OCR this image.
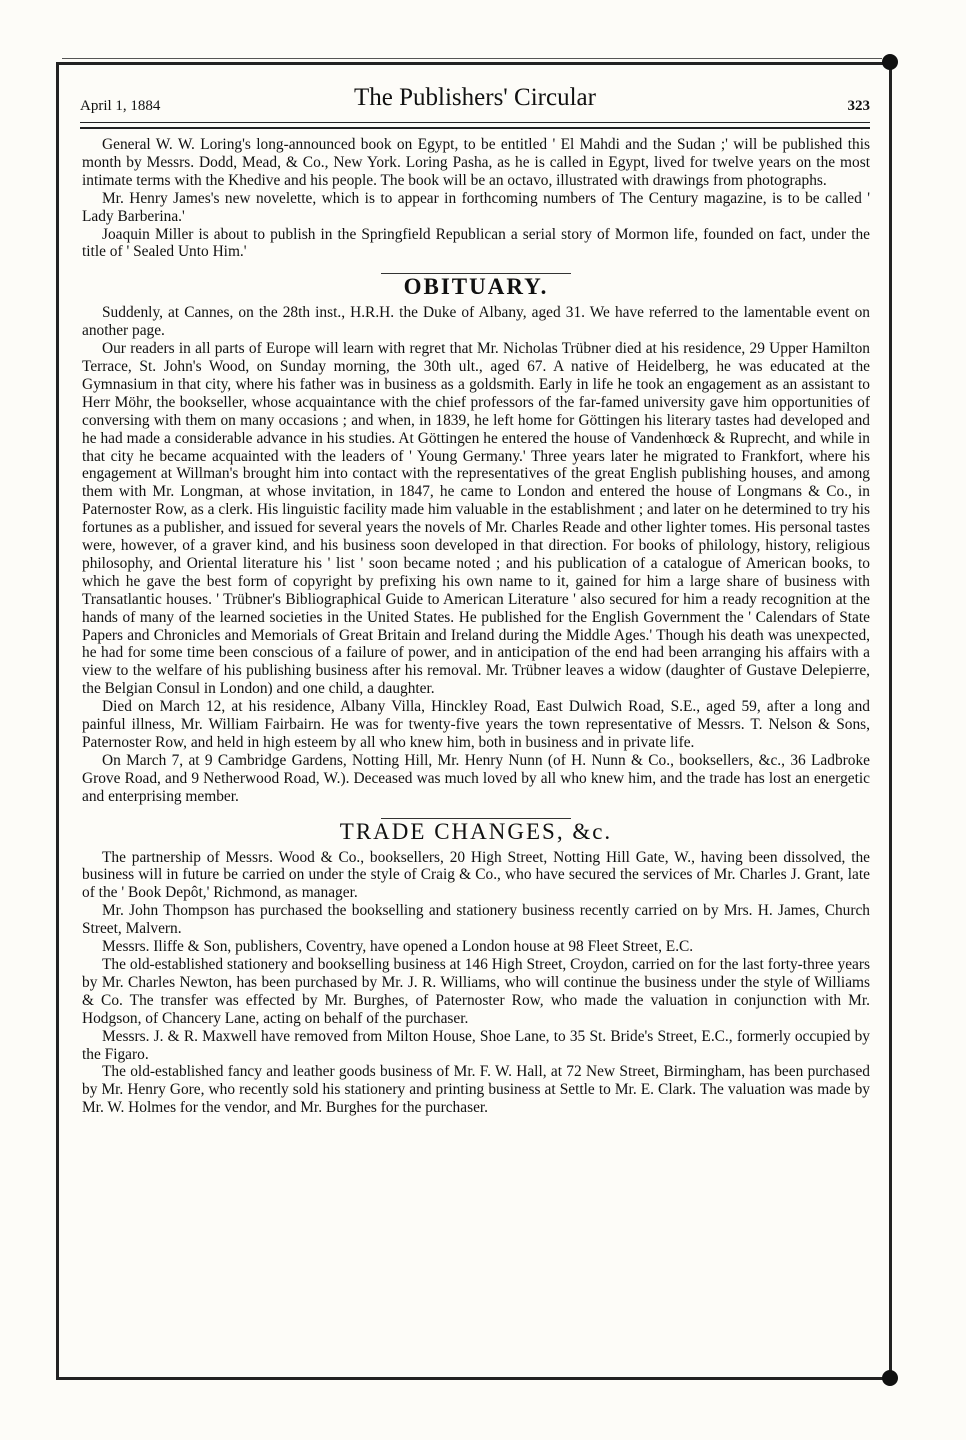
April 1, 1884	The Publishers' Circular	323

General W. W. Loring's long-announced book on Egypt, to be entitled ' El Mahdi and the Sudan ;' will be published this month by Messrs. Dodd, Mead, & Co., New York. Loring Pasha, as he is called in Egypt, lived for twelve years on the most intimate terms with the Khedive and his people. The book will be an octavo, illustrated with drawings from photographs.

Mr. Henry James's new novelette, which is to appear in forthcoming numbers of The Century magazine, is to be called ' Lady Barberina.'

Joaquin Miller is about to publish in the Springfield Republican a serial story of Mormon life, founded on fact, under the title of ' Sealed Unto Him.'

OBITUARY.

Suddenly, at Cannes, on the 28th inst., H.R.H. the Duke of Albany, aged 31. We have referred to the lamentable event on another page.

Our readers in all parts of Europe will learn with regret that Mr. Nicholas Trübner died at his residence, 29 Upper Hamilton Terrace, St. John's Wood, on Sunday morning, the 30th ult., aged 67. A native of Heidelberg, he was educated at the Gymnasium in that city, where his father was in business as a goldsmith. Early in life he took an engagement as an assistant to Herr Möhr, the bookseller, whose acquaintance with the chief professors of the far-famed university gave him opportunities of conversing with them on many occasions ; and when, in 1839, he left home for Göttingen his literary tastes had developed and he had made a considerable advance in his studies. At Göttingen he entered the house of Vandenhœck & Ruprecht, and while in that city he became acquainted with the leaders of ' Young Germany.' Three years later he migrated to Frankfort, where his engagement at Willman's brought him into contact with the representatives of the great English publishing houses, and among them with Mr. Longman, at whose invitation, in 1847, he came to London and entered the house of Longmans & Co., in Paternoster Row, as a clerk. His linguistic facility made him valuable in the establishment ; and later on he determined to try his fortunes as a publisher, and issued for several years the novels of Mr. Charles Reade and other lighter tomes. His personal tastes were, however, of a graver kind, and his business soon developed in that direction. For books of philology, history, religious philosophy, and Oriental literature his ' list ' soon became noted ; and his publication of a catalogue of American books, to which he gave the best form of copyright by prefixing his own name to it, gained for him a large share of business with Transatlantic houses. ' Trübner's Bibliographical Guide to American Literature ' also secured for him a ready recognition at the hands of many of the learned societies in the United States. He published for the English Government the ' Calendars of State Papers and Chronicles and Memorials of Great Britain and Ireland during the Middle Ages.' Though his death was unexpected, he had for some time been conscious of a failure of power, and in anticipation of the end had been arranging his affairs with a view to the welfare of his publishing business after his removal. Mr. Trübner leaves a widow (daughter of Gustave Delepierre, the Belgian Consul in London) and one child, a daughter.

Died on March 12, at his residence, Albany Villa, Hinckley Road, East Dulwich Road, S.E., aged 59, after a long and painful illness, Mr. William Fairbairn. He was for twenty-five years the town representative of Messrs. T. Nelson & Sons, Paternoster Row, and held in high esteem by all who knew him, both in business and in private life.

On March 7, at 9 Cambridge Gardens, Notting Hill, Mr. Henry Nunn (of H. Nunn & Co., booksellers, &c., 36 Ladbroke Grove Road, and 9 Netherwood Road, W.). Deceased was much loved by all who knew him, and the trade has lost an energetic and enterprising member.

TRADE CHANGES, &c.

The partnership of Messrs. Wood & Co., booksellers, 20 High Street, Notting Hill Gate, W., having been dissolved, the business will in future be carried on under the style of Craig & Co., who have secured the services of Mr. Charles J. Grant, late of the ' Book Depôt,' Richmond, as manager.

Mr. John Thompson has purchased the bookselling and stationery business recently carried on by Mrs. H. James, Church Street, Malvern.

Messrs. Iliffe & Son, publishers, Coventry, have opened a London house at 98 Fleet Street, E.C.

The old-established stationery and bookselling business at 146 High Street, Croydon, carried on for the last forty-three years by Mr. Charles Newton, has been purchased by Mr. J. R. Williams, who will continue the business under the style of Williams & Co. The transfer was effected by Mr. Burghes, of Paternoster Row, who made the valuation in conjunction with Mr. Hodgson, of Chancery Lane, acting on behalf of the purchaser.

Messrs. J. & R. Maxwell have removed from Milton House, Shoe Lane, to 35 St. Bride's Street, E.C., formerly occupied by the Figaro.

The old-established fancy and leather goods business of Mr. F. W. Hall, at 72 New Street, Birmingham, has been purchased by Mr. Henry Gore, who recently sold his stationery and printing business at Settle to Mr. E. Clark. The valuation was made by Mr. W. Holmes for the vendor, and Mr. Burghes for the purchaser.
